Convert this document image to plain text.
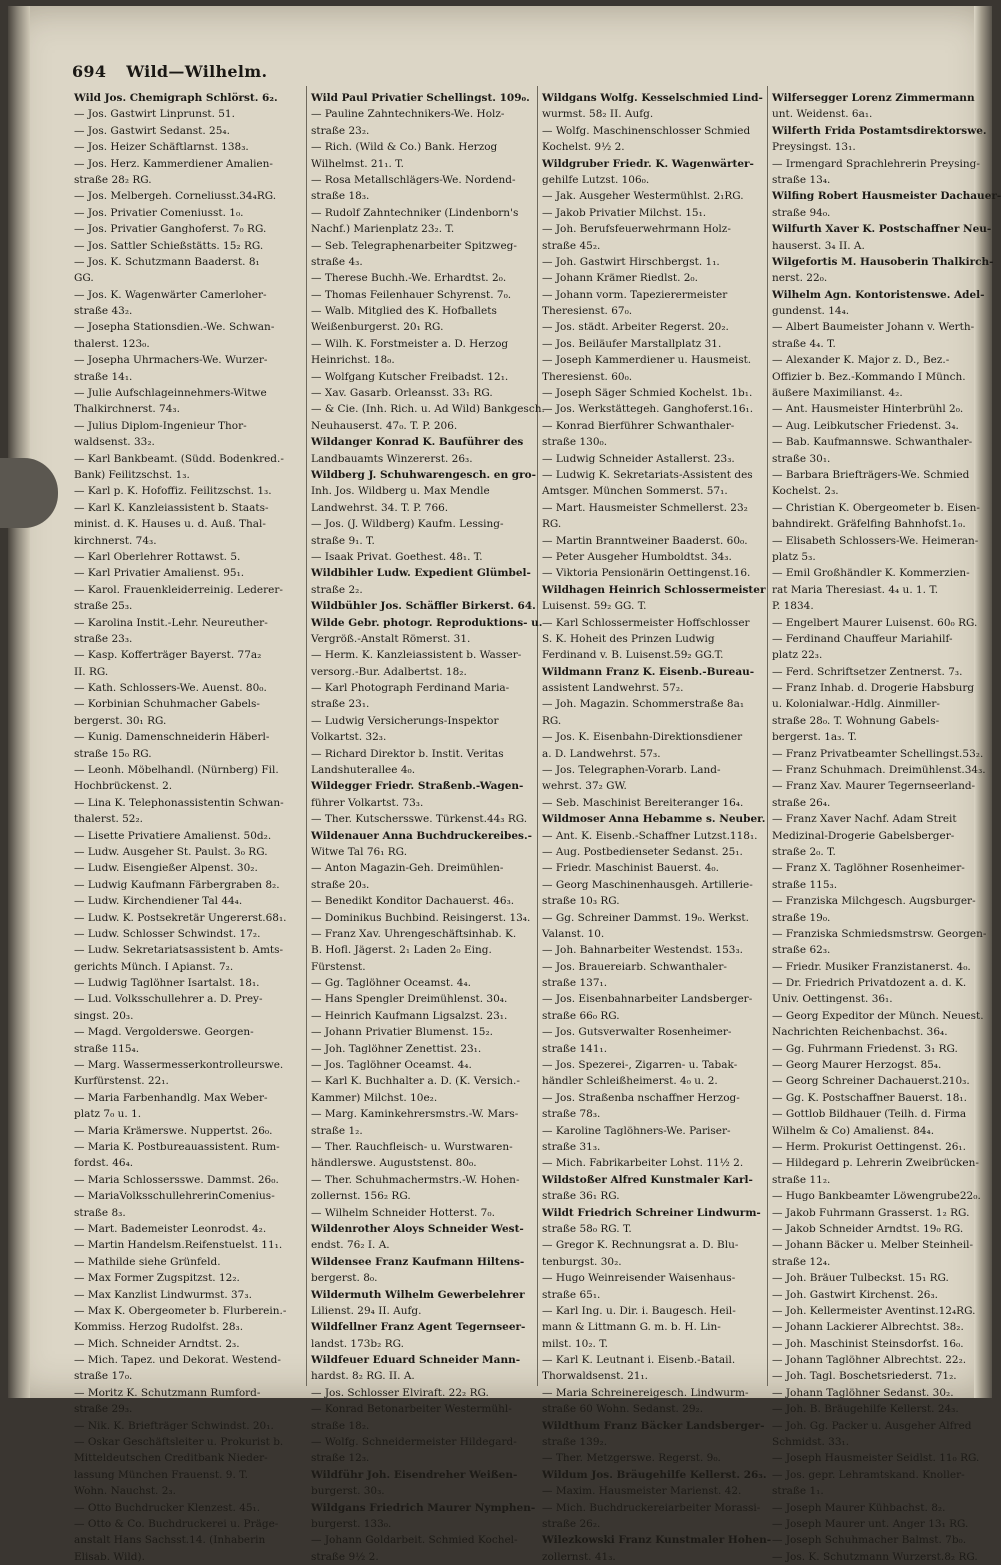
694 Wild—Wilhelm.
Wild Jos. Chemigraph Schlörst. 6₂.
— Jos. Gastwirt Linprunst. 51.
— Jos. Gastwirt Sedanst. 25₄.
— Jos. Heizer Schäftlarnst. 138₃.
— Jos. Herz. Kammerdiener Amalien-
straße 28₂ RG.
— Jos. Melbergeh. Corneliusst.34₄RG.
— Jos. Privatier Comeniusst. 1₀.
— Jos. Privatier Ganghoferst. 7₀ RG.
— Jos. Sattler Schießstätts. 15₂ RG.
— Jos. K. Schutzmann Baaderst. 8₁
GG.
— Jos. K. Wagenwärter Camerloher-
straße 43₂.
— Josepha Stationsdien.-We. Schwan-
thalerst. 123₀.
— Josepha Uhrmachers-We. Wurzer-
straße 14₁.
— Julie Aufschlageinnehmers-Witwe
Thalkirchnerst. 74₃.
— Julius Diplom-Ingenieur Thor-
waldsenst. 33₂.
— Karl Bankbeamt. (Südd. Bodenkred.-
Bank) Feilitzschst. 1₃.
— Karl p. K. Hofoffiz. Feilitzschst. 1₃.
— Karl K. Kanzleiassistent b. Staats-
minist. d. K. Hauses u. d. Auß. Thal-
kirchnerst. 74₃.
— Karl Oberlehrer Rottawst. 5.
— Karl Privatier Amalienst. 95₁.
— Karol. Frauenkleiderreinig. Lederer-
straße 25₃.
— Karolina Instit.-Lehr. Neureuther-
straße 23₃.
— Kasp. Kofferträger Bayerst. 77a₂
II. RG.
— Kath. Schlossers-We. Auenst. 80₀.
— Korbinian Schuhmacher Gabels-
bergerst. 30₁ RG.
— Kunig. Damenschneiderin Häberl-
straße 15₀ RG.
— Leonh. Möbelhandl. (Nürnberg) Fil.
Hochbrückenst. 2.
— Lina K. Telephonassistentin Schwan-
thalerst. 52₂.
— Lisette Privatiere Amalienst. 50d₂.
— Ludw. Ausgeher St. Paulst. 3₀ RG.
— Ludw. Eisengießer Alpenst. 30₂.
— Ludwig Kaufmann Färbergraben 8₂.
— Ludw. Kirchendiener Tal 44₄.
— Ludw. K. Postsekretär Ungererst.68₁.
— Ludw. Schlosser Schwindst. 17₂.
— Ludw. Sekretariatsassistent b. Amts-
gerichts Münch. I Apianst. 7₂.
— Ludwig Taglöhner Isartalst. 18₁.
— Lud. Volksschullehrer a. D. Prey-
singst. 20₃.
— Magd. Vergolderswe. Georgen-
straße 115₄.
— Marg. Wassermesserkontrolleurswe.
Kurfürstenst. 22₁.
— Maria Farbenhandlg. Max Weber-
platz 7₀ u. 1.
— Maria Krämerswe. Nuppertst. 26₀.
— Maria K. Postbureauassistent. Rum-
fordst. 46₄.
— Maria Schlossersswe. Dammst. 26₀.
— MariaVolksschullehrerinComenius-
straße 8₃.
— Mart. Bademeister Leonrodst. 4₂.
— Martin Handelsm.Reifenstuelst. 11₁.
— Mathilde siehe Grünfeld.
— Max Former Zugspitzst. 12₂.
— Max Kanzlist Lindwurmst. 37₃.
— Max K. Obergeometer b. Flurberein.-
Kommiss. Herzog Rudolfst. 28₃.
— Mich. Schneider Arndtst. 2₃.
— Mich. Tapez. und Dekorat. Westend-
straße 17₀.
— Moritz K. Schutzmann Rumford-
straße 29₃.
— Nik. K. Briefträger Schwindst. 20₁.
— Oskar Geschäftsleiter u. Prokurist b.
Mitteldeutschen Creditbank Nieder-
lassung München Frauenst. 9. T.
Wohn. Nauchst. 2₃.
— Otto Buchdrucker Klenzest. 45₁.
— Otto & Co. Buchdruckerei u. Präge-
anstalt Hans Sachsst.14. (Inhaberin
Elisab. Wild).
Wild Paul Privatier Schellingst. 109₀.
— Pauline Zahntechnikers-We. Holz-
straße 23₂.
— Rich. (Wild & Co.) Bank. Herzog
Wilhelmst. 21₁. T.
— Rosa Metallschlägers-We. Nordend-
straße 18₃.
— Rudolf Zahntechniker (Lindenborn's
Nachf.) Marienplatz 23₂. T.
— Seb. Telegraphenarbeiter Spitzweg-
straße 4₃.
— Therese Buchh.-We. Erhardtst. 2₀.
— Thomas Feilenhauer Schyrenst. 7₀.
— Walb. Mitglied des K. Hofballets
Weißenburgerst. 20₁ RG.
— Wilh. K. Forstmeister a. D. Herzog
Heinrichst. 18₀.
— Wolfgang Kutscher Freibadst. 12₁.
— Xav. Gasarb. Orleansst. 33₁ RG.
— & Cie. (Inh. Rich. u. Ad Wild) Bankgesch.
Neuhauserst. 47₀. T. P. 206.
Wildanger Konrad K. Bauführer des
Landbauamts Winzererst. 26₃.
Wildberg J. Schuhwarengesch. en gro-
Inh. Jos. Wildberg u. Max Mendle
Landwehrst. 34. T. P. 766.
— Jos. (J. Wildberg) Kaufm. Lessing-
straße 9₁. T.
— Isaak Privat. Goethest. 48₁. T.
Wildbihler Ludw. Expedient Glümbel-
straße 2₂.
Wildbühler Jos. Schäffler Birkerst. 64.
Wilde Gebr. photogr. Reproduktions- u.
Vergröß.-Anstalt Römerst. 31.
— Herm. K. Kanzleiassistent b. Wasser-
versorg.-Bur. Adalbertst. 18₂.
— Karl Photograph Ferdinand Maria-
straße 23₁.
— Ludwig Versicherungs-Inspektor
Volkartst. 32₃.
— Richard Direktor b. Instit. Veritas
Landshuterallee 4₀.
Wildegger Friedr. Straßenb.-Wagen-
führer Volkartst. 73₃.
— Ther. Kutschersswe. Türkenst.44₃ RG.
Wildenauer Anna Buchdruckereibes.-
Witwe Tal 76₁ RG.
— Anton Magazin-Geh. Dreimühlen-
straße 20₃.
— Benedikt Konditor Dachauerst. 46₃.
— Dominikus Buchbind. Reisingerst. 13₄.
— Franz Xav. Uhrengeschäftsinhab. K.
B. Hofl. Jägerst. 2₁ Laden 2₀ Eing.
Fürstenst.
— Gg. Taglöhner Oceamst. 4₄.
— Hans Spengler Dreimühlenst. 30₄.
— Heinrich Kaufmann Ligsalzst. 23₁.
— Johann Privatier Blumenst. 15₂.
— Joh. Taglöhner Zenettist. 23₁.
— Jos. Taglöhner Oceamst. 4₄.
— Karl K. Buchhalter a. D. (K. Versich.-
Kammer) Milchst. 10e₂.
— Marg. Kaminkehrersmstrs.-W. Mars-
straße 1₂.
— Ther. Rauchfleisch- u. Wurstwaren-
händlerswe. Auguststenst. 80₀.
— Ther. Schuhmachermstrs.-W. Hohen-
zollernst. 156₂ RG.
— Wilhelm Schneider Hotterst. 7₀.
Wildenrother Aloys Schneider West-
endst. 76₂ I. A.
Wildensee Franz Kaufmann Hiltens-
bergerst. 8₀.
Wildermuth Wilhelm Gewerbelehrer
Lilienst. 29₄ II. Aufg.
Wildfellner Franz Agent Tegernseer-
landst. 173b₂ RG.
Wildfeuer Eduard Schneider Mann-
hardst. 8₂ RG. II. A.
— Jos. Schlosser Elviraft. 22₂ RG.
— Konrad Betonarbeiter Westermühl-
straße 18₂.
— Wolfg. Schneidermeister Hildegard-
straße 12₃.
Wildführ Joh. Eisendreher Weißen-
burgerst. 30₃.
Wildgans Friedrich Maurer Nymphen-
burgerst. 133₀.
— Johann Goldarbeit. Schmied Kochel-
straße 9½ 2.
Wildgans Wolfg. Kesselschmied Lind-
wurmst. 58₂ II. Aufg.
— Wolfg. Maschinenschlosser Schmied
Kochelst. 9½ 2.
Wildgruber Friedr. K. Wagenwärter-
gehilfe Lutzst. 106₀.
— Jak. Ausgeher Westermühlst. 2₁RG.
— Jakob Privatier Milchst. 15₁.
— Joh. Berufsfeuerwehrmann Holz-
straße 45₂.
— Joh. Gastwirt Hirschbergst. 1₁.
— Johann Krämer Riedlst. 2₀.
— Johann vorm. Tapezierermeister
Theresienst. 67₀.
— Jos. städt. Arbeiter Regerst. 20₂.
— Jos. Beiläufer Marstallplatz 31.
— Joseph Kammerdiener u. Hausmeist.
Theresienst. 60₀.
— Joseph Säger Schmied Kochelst. 1b₁.
— Jos. Werkstättegeh. Ganghoferst.16₁.
— Konrad Bierführer Schwanthaler-
straße 130₀.
— Ludwig Schneider Astallerst. 23₃.
— Ludwig K. Sekretariats-Assistent des
Amtsger. München Sommerst. 57₁.
— Mart. Hausmeister Schmellerst. 23₂
RG.
— Martin Branntweiner Baaderst. 60₀.
— Peter Ausgeher Humboldtst. 34₃.
— Viktoria Pensionärin Oettingenst.16.
Wildhagen Heinrich Schlossermeister
Luisenst. 59₂ GG. T.
— Karl Schlossermeister Hoffschlosser
S. K. Hoheit des Prinzen Ludwig
Ferdinand v. B. Luisenst.59₂ GG.T.
Wildmann Franz K. Eisenb.-Bureau-
assistent Landwehrst. 57₂.
— Joh. Magazin. Schommerstraße 8a₁
RG.
— Jos. K. Eisenbahn-Direktionsdiener
a. D. Landwehrst. 57₃.
— Jos. Telegraphen-Vorarb. Land-
wehrst. 37₂ GW.
— Seb. Maschinist Bereiteranger 16₄.
Wildmoser Anna Hebamme s. Neuber.
— Ant. K. Eisenb.-Schaffner Lutzst.118₁.
— Aug. Postbedienseter Sedanst. 25₁.
— Friedr. Maschinist Bauerst. 4₀.
— Georg Maschinenhausgeh. Artillerie-
straße 10₃ RG.
— Gg. Schreiner Dammst. 19₀. Werkst.
Valanst. 10.
— Joh. Bahnarbeiter Westendst. 153₃.
— Jos. Brauereiarb. Schwanthaler-
straße 137₁.
— Jos. Eisenbahnarbeiter Landsberger-
straße 66₀ RG.
— Jos. Gutsverwalter Rosenheimer-
straße 141₁.
— Jos. Spezerei-, Zigarren- u. Tabak-
händler Schleißheimerst. 4₀ u. 2.
— Jos. Straßenba nschaffner Herzog-
straße 78₃.
— Karoline Taglöhners-We. Pariser-
straße 31₃.
— Mich. Fabrikarbeiter Lohst. 11½ 2.
Wildstoßer Alfred Kunstmaler Karl-
straße 36₁ RG.
Wildt Friedrich Schreiner Lindwurm-
straße 58₀ RG. T.
— Gregor K. Rechnungsrat a. D. Blu-
tenburgst. 30₂.
— Hugo Weinreisender Waisenhaus-
straße 65₁.
— Karl Ing. u. Dir. i. Baugesch. Heil-
mann & Littmann G. m. b. H. Lin-
milst. 10₂. T.
— Karl K. Leutnant i. Eisenb.-Batail.
Thorwaldsenst. 21₁.
— Maria Schreinereigesch. Lindwurm-
straße 60 Wohn. Sedanst. 29₂.
Wildthum Franz Bäcker Landsberger-
straße 139₂.
— Ther. Metzgerswe. Regerst. 9₀.
Wildum Jos. Bräugehilfe Kellerst. 26₃.
— Maxim. Hausmeister Marienst. 42.
— Mich. Buchdruckereiarbeiter Morassi-
straße 26₂.
Wilezkowski Franz Kunstmaler Hohen-
zollernst. 41₃.
Wilfersegger Lorenz Zimmermann
unt. Weidenst. 6a₁.
Wilferth Frida Postamtsdirektorswe.
Preysingst. 13₁.
— Irmengard Sprachlehrerin Preysing-
straße 13₄.
Wilfing Robert Hausmeister Dachauer-
straße 94₀.
Wilfurth Xaver K. Postschaffner Neu-
hauserst. 3₄ II. A.
Wilgefortis M. Hausoberin Thalkirch-
nerst. 22₀.
Wilhelm Agn. Kontoristenswe. Adel-
gundenst. 14₄.
— Albert Baumeister Johann v. Werth-
straße 4₄. T.
— Alexander K. Major z. D., Bez.-
Offizier b. Bez.-Kommando I Münch.
äußere Maximilianst. 4₂.
— Ant. Hausmeister Hinterbrühl 2₀.
— Aug. Leibkutscher Friedenst. 3₄.
— Bab. Kaufmannswe. Schwanthaler-
straße 30₁.
— Barbara Briefträgers-We. Schmied
Kochelst. 2₃.
— Christian K. Obergeometer b. Eisen-
bahndirekt. Gräfelfing Bahnhofst.1₀.
— Elisabeth Schlossers-We. Heimeran-
platz 5₃.
— Emil Großhändler K. Kommerzien-
rat Maria Theresiast. 4₄ u. 1. T.
P. 1834.
— Engelbert Maurer Luisenst. 60₀ RG.
— Ferdinand Chauffeur Mariahilf-
platz 22₃.
— Ferd. Schriftsetzer Zentnerst. 7₃.
— Franz Inhab. d. Drogerie Habsburg
u. Kolonialwar.-Hdlg. Ainmiller-
straße 28₀. T. Wohnung Gabels-
bergerst. 1a₃. T.
— Franz Privatbeamter Schellingst.53₂.
— Franz Schuhmach. Dreimühlenst.34₃.
— Franz Xav. Maurer Tegernseerland-
straße 26₄.
— Franz Xaver Nachf. Adam Streit
Medizinal-Drogerie Gabelsberger-
straße 2₀. T.
— Franz X. Taglöhner Rosenheimer-
straße 115₃.
— Franziska Milchgesch. Augsburger-
straße 19₀.
— Franziska Schmiedsmstrsw. Georgen-
straße 62₃.
— Friedr. Musiker Franzistanerst. 4₀.
— Dr. Friedrich Privatdozent a. d. K.
Univ. Oettingenst. 36₁.
— Georg Expeditor der Münch. Neuest.
Nachrichten Reichenbachst. 36₄.
— Gg. Fuhrmann Friedenst. 3₁ RG.
— Georg Maurer Herzogst. 85₄.
— Georg Schreiner Dachauerst.210₃.
— Gg. K. Postschaffner Bauerst. 18₁.
— Gottlob Bildhauer (Teilh. d. Firma
Wilhelm & Co) Amalienst. 84₄.
— Herm. Prokurist Oettingenst. 26₁.
— Hildegard p. Lehrerin Zweibrücken-
straße 11₂.
— Hugo Bankbeamter Löwengrube22₀.
— Jakob Fuhrmann Grasserst. 1₂ RG.
— Jakob Schneider Arndtst. 19₀ RG.
— Johann Bäcker u. Melber Steinheil-
straße 12₄.
— Joh. Bräuer Tulbeckst. 15₁ RG.
— Joh. Gastwirt Kirchenst. 26₃.
— Joh. Kellermeister Aventinst.12₄RG.
— Johann Lackierer Albrechtst. 38₂.
— Joh. Maschinist Steinsdorfst. 16₀.
— Johann Taglöhner Albrechtst. 22₂.
— Joh. Tagl. Boschetsriederst. 71₂.
— Johann Taglöhner Sedanst. 30₂.
— Joh. B. Bräugehilfe Kellerst. 24₃.
— Joh. Gg. Packer u. Ausgeher Alfred
Schmidst. 33₁.
— Joseph Hausmeister Seidlst. 11₀ RG.
— Jos. gepr. Lehramtskand. Knoller-
straße 1₁.
— Joseph Maurer Kühbachst. 8₂.
— Joseph Maurer unt. Anger 13₁ RG.
— Joseph Schuhmacher Balmst. 7b₀.
— Jos. K. Schutzmann Wurzerst.8₂ RG.
